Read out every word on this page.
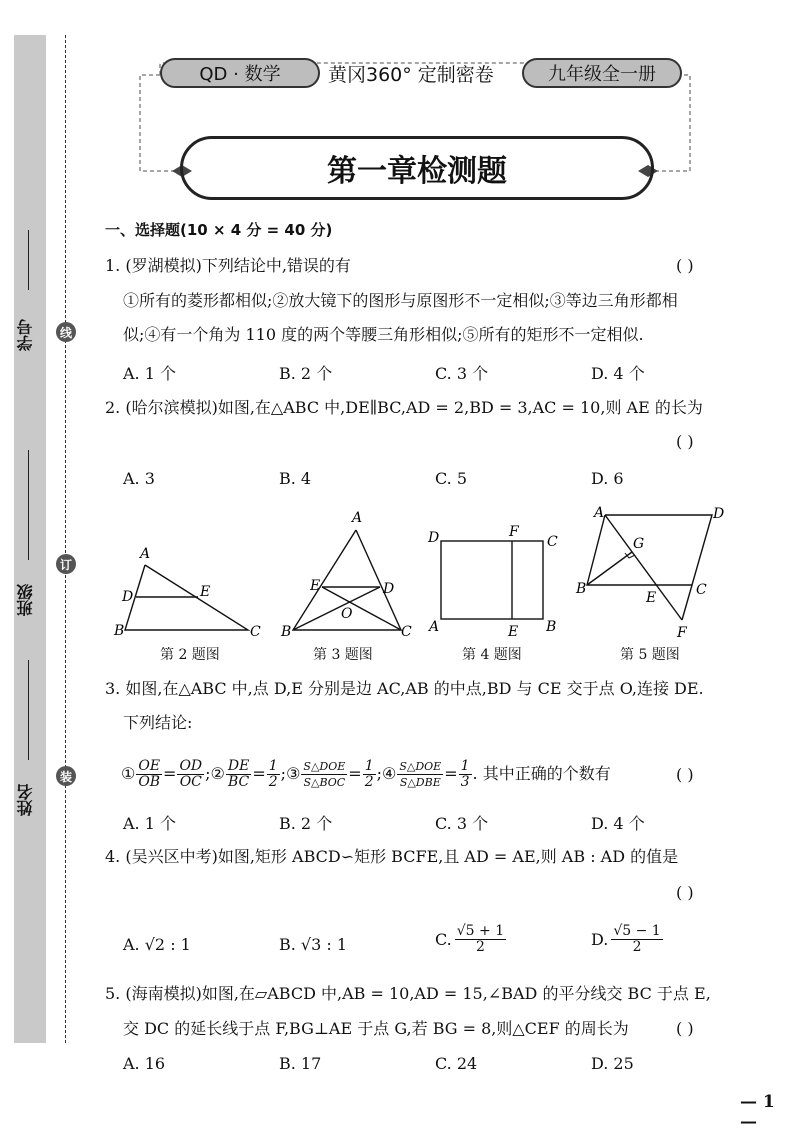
学号
班级
姓名
线
订
装
QD · 数学	黄冈360° 定制密卷	九年级全一册
第一章检测题
一、选择题(10 × 4 分 = 40 分)
1. (罗湖模拟)下列结论中,错误的有	( )
①所有的菱形都相似;②放大镜下的图形与原图形不一定相似;③等边三角形都相
似;④有一个角为 110 度的两个等腰三角形相似;⑤所有的矩形不一定相似.
A. 1 个	B. 2 个	C. 3 个	D. 4 个
2. (哈尔滨模拟)如图,在△ABC 中,DE∥BC,AD = 2,BD = 3,AC = 10,则 AE 的长为
( )
A. 3	B. 4	C. 5	D. 6
A
D	E
B	C
A
E	D
O
B	C
D	F
C
A	E B
A	D
G
B
E	C
F
第 2 题图	第 3 题图	第 4 题图	第 5 题图
3. 如图,在△ABC 中,点 D,E 分别是边 AC,AB 的中点,BD 与 CE 交于点 O,连接 DE.
下列结论:
① $\frac{OE}{OB} = \frac{OD}{OC}$ ;② $\frac{DE}{BC} = \frac{1}{2}$ ;③ $\frac{\text{S△DOE}}{\text{S△BOC}} = \frac{1}{2}$ ;④ $\frac{\text{S△DOE}}{\text{S△DBE}} = \frac{1}{3}$ . 其中正确的个数有	( )
A. 1 个	B. 2 个	C. 3 个	D. 4 个
4. (吴兴区中考)如图,矩形 ABCD∽矩形 BCFE,且 AD = AE,则 AB : AD 的值是
( )
A. √2 : 1	B. √3 : 1	C. $\frac{√5 + 1}{2}$	D. $\frac{√5 - 1}{2}$
5. (海南模拟)如图,在▱ABCD 中,AB = 10,AD = 15,∠BAD 的平分线交 BC 于点 E,
交 DC 的延长线于点 F,BG⊥AE 于点 G,若 BG = 8,则△CEF 的周长为	( )
A. 16	B. 17	C. 24	D. 25
— 1 —
